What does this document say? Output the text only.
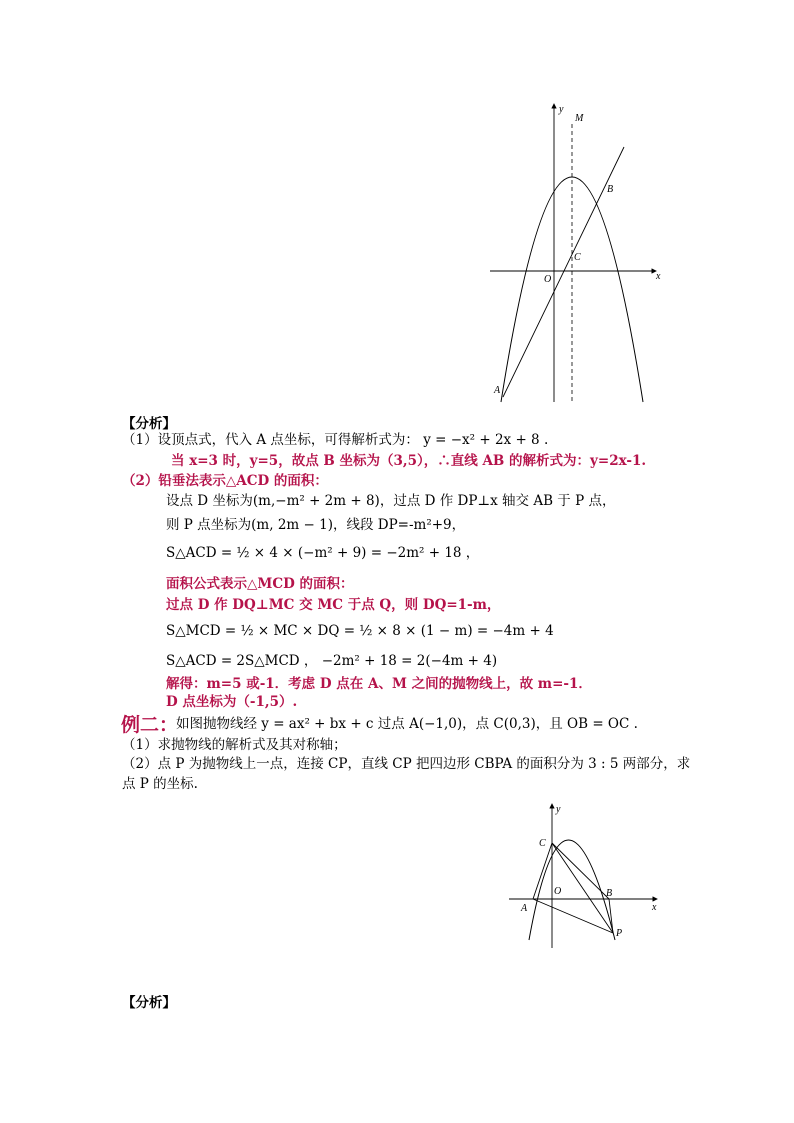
y
M
B
C
O	x
A
【分析】
（1）设顶点式，代入 A 点坐标，可得解析式为： y = −x² + 2x + 8 .
当 x=3 时，y=5，故点 B 坐标为（3,5），∴直线 AB 的解析式为：y=2x-1.
（2）铅垂法表示△ACD 的面积：
设点 D 坐标为(m,−m² + 2m + 8)，过点 D 作 DP⊥x 轴交 AB 于 P 点，
则 P 点坐标为(m, 2m − 1)，线段 DP=-m²+9，
S△ACD = ½ × 4 × (−m² + 9) = −2m² + 18 ，
面积公式表示△MCD 的面积：
过点 D 作 DQ⊥MC 交 MC 于点 Q，则 DQ=1-m，
S△MCD = ½ × MC × DQ = ½ × 8 × (1 − m) = −4m + 4
S△ACD = 2S△MCD ， −2m² + 18 = 2(−4m + 4)
解得：m=5 或-1．考虑 D 点在 A、M 之间的抛物线上，故 m=-1．
D 点坐标为（-1,5）.
例二：
如图抛物线经 y = ax² + bx + c 过点 A(−1,0)，点 C(0,3)，且 OB = OC .
（1）求抛物线的解析式及其对称轴；
（2）点 P 为抛物线上一点，连接 CP，直线 CP 把四边形 CBPA 的面积分为 3 : 5 两部分，求
点 P 的坐标.
y
C
O	B
x
A
P
【分析】
